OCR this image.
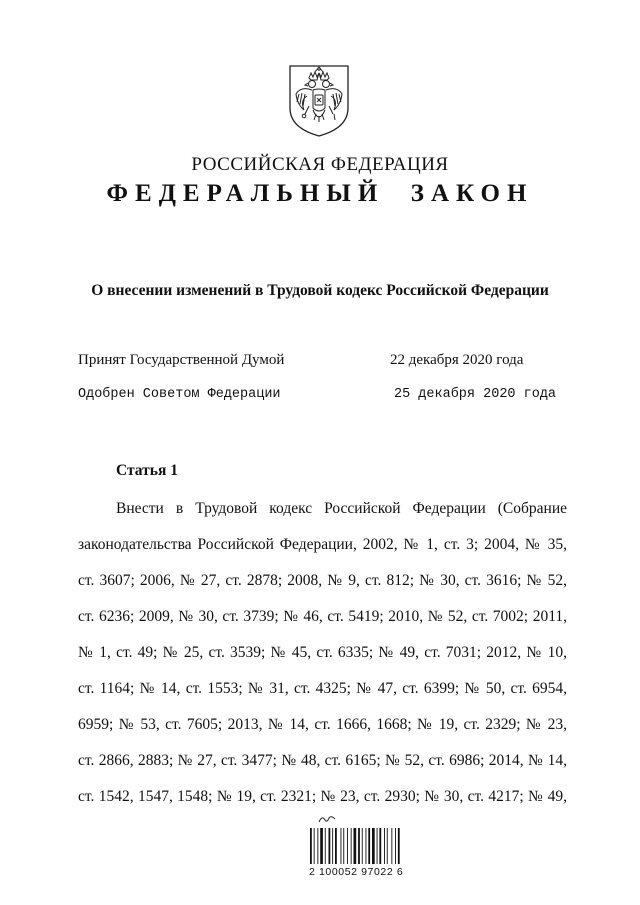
РОССИЙСКАЯ ФЕДЕРАЦИЯ
ФЕДЕРАЛЬНЫЙ  ЗАКОН
О внесении изменений в Трудовой кодекс Российской Федерации
Принят Государственной Думой	22 декабря 2020 года
Одобрен Советом Федерации	25 декабря 2020 года
Статья 1
Внести в Трудовой кодекс Российской Федерации (Собрание
законодательства Российской Федерации, 2002, № 1, ст. 3; 2004, № 35,
ст. 3607; 2006, № 27, ст. 2878; 2008, № 9, ст. 812; № 30, ст. 3616; № 52,
ст. 6236; 2009, № 30, ст. 3739; № 46, ст. 5419; 2010, № 52, ст. 7002; 2011,
№ 1, ст. 49; № 25, ст. 3539; № 45, ст. 6335; № 49, ст. 7031; 2012, № 10,
ст. 1164; № 14, ст. 1553; № 31, ст. 4325; № 47, ст. 6399; № 50, ст. 6954,
6959; № 53, ст. 7605; 2013, № 14, ст. 1666, 1668; № 19, ст. 2329; № 23,
ст. 2866, 2883; № 27, ст. 3477; № 48, ст. 6165; № 52, ст. 6986; 2014, № 14,
ст. 1542, 1547, 1548; № 19, ст. 2321; № 23, ст. 2930; № 30, ст. 4217; № 49,
2 100052 97022 6
